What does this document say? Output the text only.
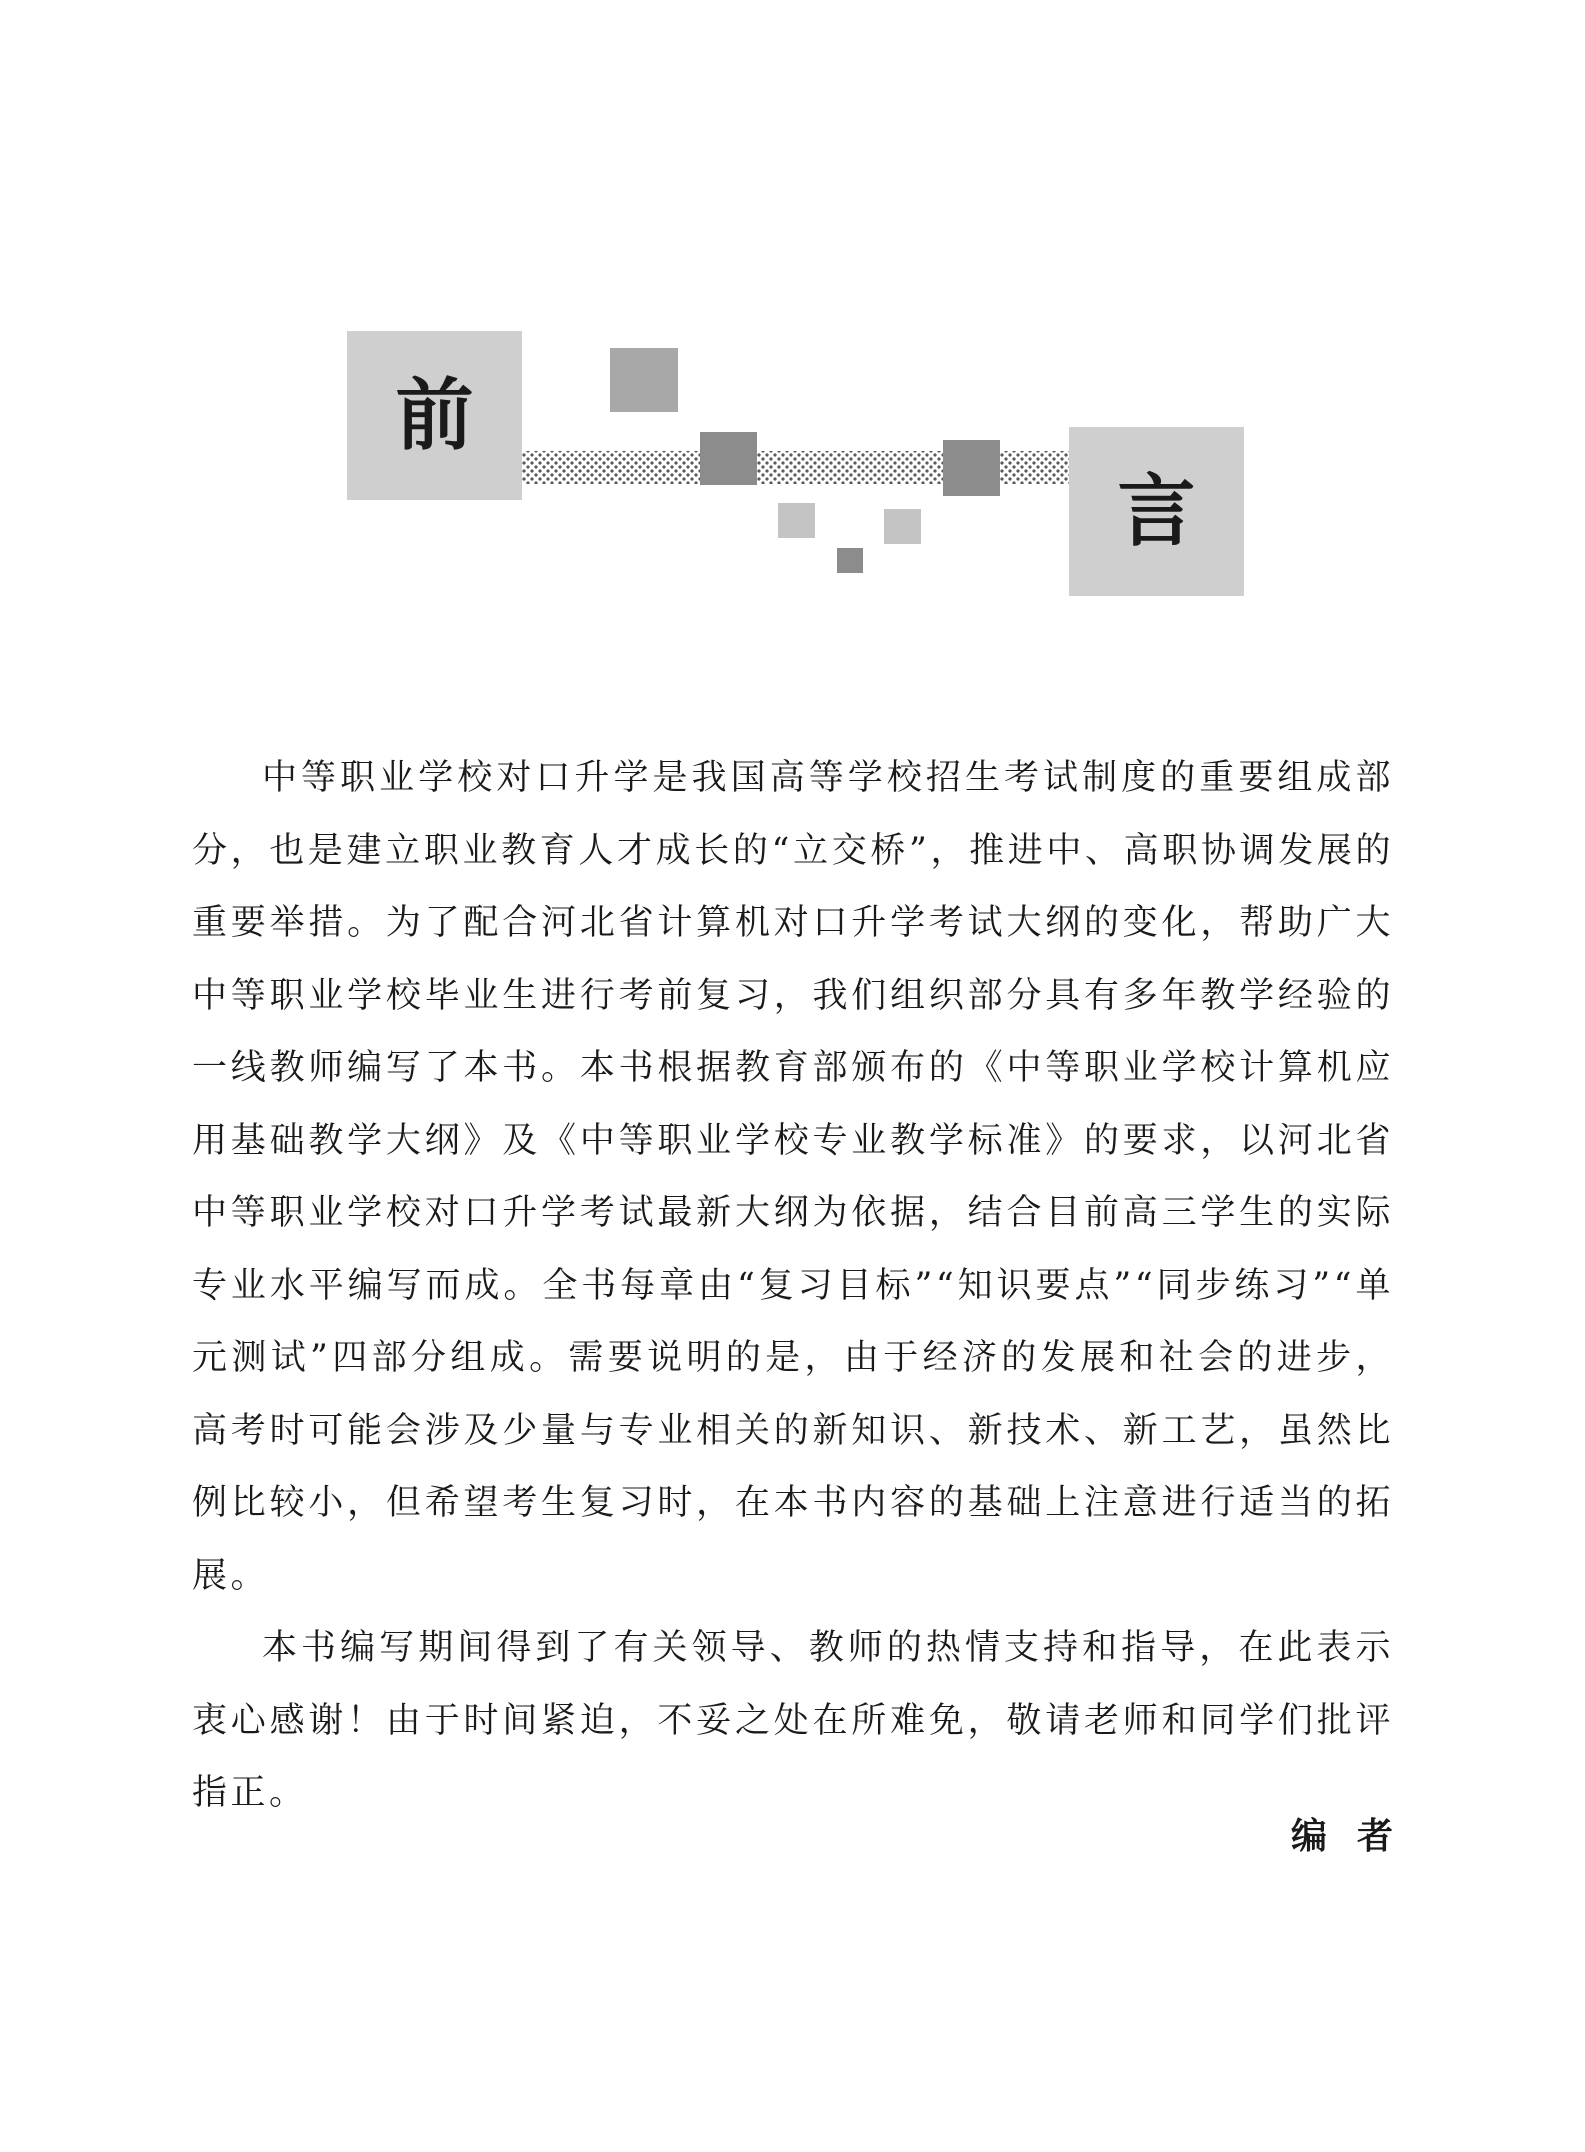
前
言

中等职业学校对口升学是我国高等学校招生考试制度的重要组成部分，也是建立职业教育人才成长的“立交桥”，推进中、高职协调发展的重要举措。为了配合河北省计算机对口升学考试大纲的变化，帮助广大中等职业学校毕业生进行考前复习，我们组织部分具有多年教学经验的一线教师编写了本书。本书根据教育部颁布的《中等职业学校计算机应用基础教学大纲》及《中等职业学校专业教学标准》的要求，以河北省中等职业学校对口升学考试最新大纲为依据，结合目前高三学生的实际专业水平编写而成。全书每章由“复习目标”“知识要点”“同步练习”“单元测试”四部分组成。需要说明的是，由于经济的发展和社会的进步，高考时可能会涉及少量与专业相关的新知识、新技术、新工艺，虽然比例比较小，但希望考生复习时，在本书内容的基础上注意进行适当的拓展。

本书编写期间得到了有关领导、教师的热情支持和指导，在此表示衷心感谢！由于时间紧迫，不妥之处在所难免，敬请老师和同学们批评指正。

编者
